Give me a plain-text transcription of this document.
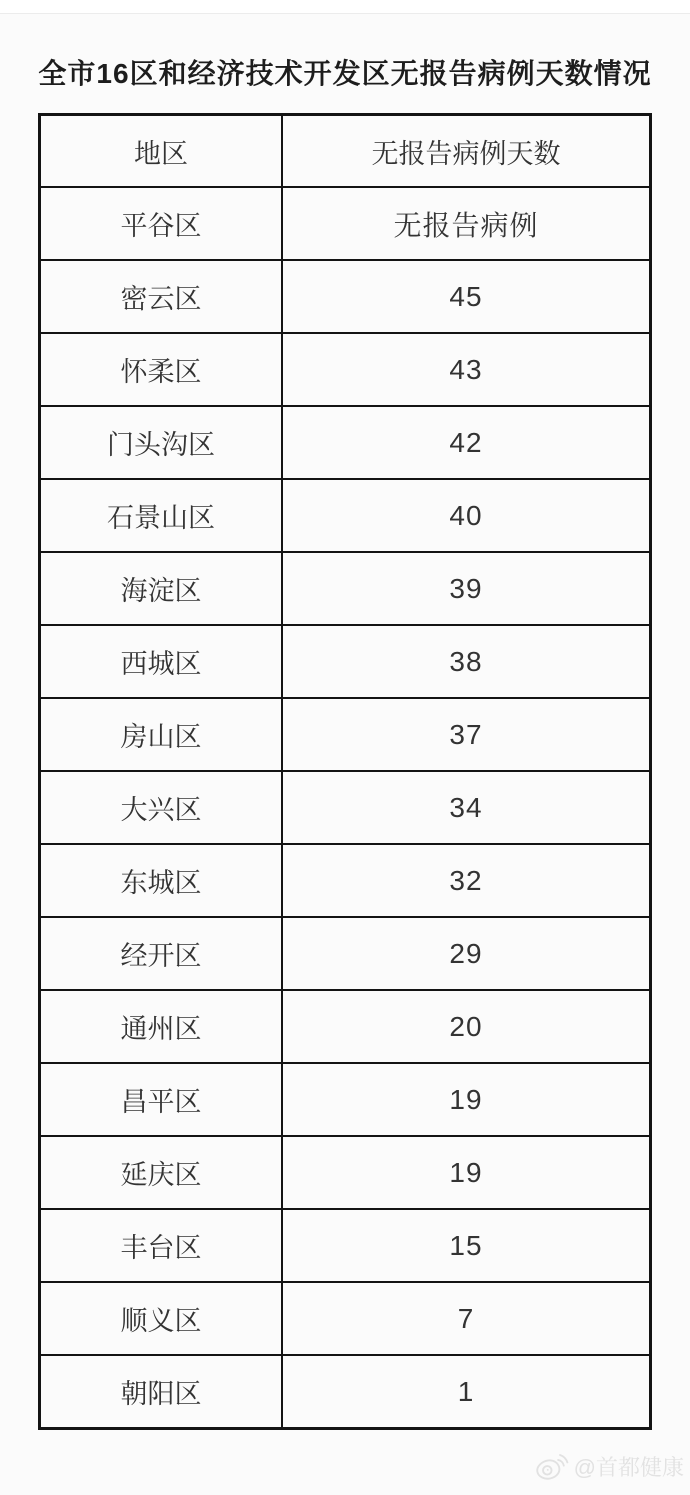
全市16区和经济技术开发区无报告病例天数情况
地区	无报告病例天数
平谷区	无报告病例
密云区	45
怀柔区	43
门头沟区	42
石景山区	40
海淀区	39
西城区	38
房山区	37
大兴区	34
东城区	32
经开区	29
通州区	20
昌平区	19
延庆区	19
丰台区	15
顺义区	7
朝阳区	1
@首都健康
